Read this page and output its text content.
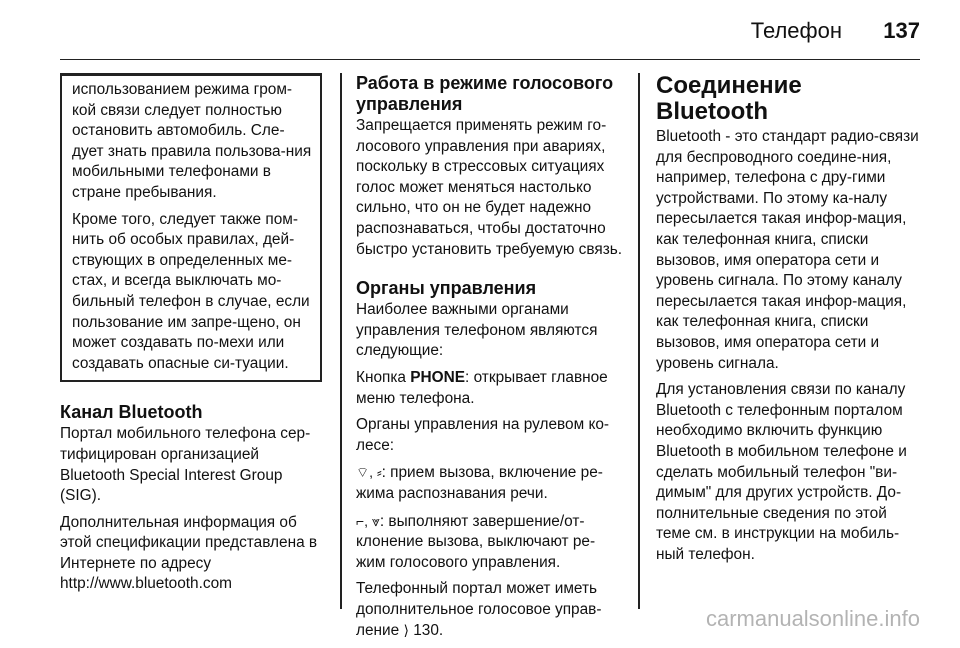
Телефон 137

использованием режима гром-кой связи следует полностью остановить автомобиль. Сле-дует знать правила пользова-ния мобильными телефонами в стране пребывания.

Кроме того, следует также пом-нить об особых правилах, дей-ствующих в определенных ме-стах, и всегда выключать мо-бильный телефон в случае, если пользование им запре-щено, он может создавать по-мехи или создавать опасные си-туации.

Канал Bluetooth

Портал мобильного телефона сер-тифицирован организацией Bluetooth Special Interest Group (SIG).

Дополнительная информация об этой спецификации представлена в Интернете по адресу http://www.bluetooth.com

Работа в режиме голосового управления

Запрещается применять режим го-лосового управления при авариях, поскольку в стрессовых ситуациях голос может меняться настолько сильно, что он не будет надежно распознаваться, чтобы достаточно быстро установить требуемую связь.

Органы управления

Наиболее важными органами управления телефоном являются следующие:

Кнопка PHONE: открывает главное меню телефона.

Органы управления на рулевом ко-лесе:

⌔, ⸗: прием вызова, включение ре-жима распознавания речи.

⌐, ⩔: выполняют завершение/от-клонение вызова, выключают ре-жим голосового управления.

Телефонный портал может иметь дополнительное голосовое управ-ление ⟩ 130.

Соединение Bluetooth

Bluetooth - это стандарт радио-связи для беспроводного соедине-ния, например, телефона с дру-гими устройствами. По этому ка-налу пересылается такая инфор-мация, как телефонная книга, списки вызовов, имя оператора сети и уровень сигнала. По этому каналу пересылается такая инфор-мация, как телефонная книга, списки вызовов, имя оператора сети и уровень сигнала.

Для установления связи по каналу Bluetooth с телефонным порталом необходимо включить функцию Bluetooth в мобильном телефоне и сделать мобильный телефон "ви-димым" для других устройств. До-полнительные сведения по этой теме см. в инструкции на мобиль-ный телефон.

carmanualsonline.info
